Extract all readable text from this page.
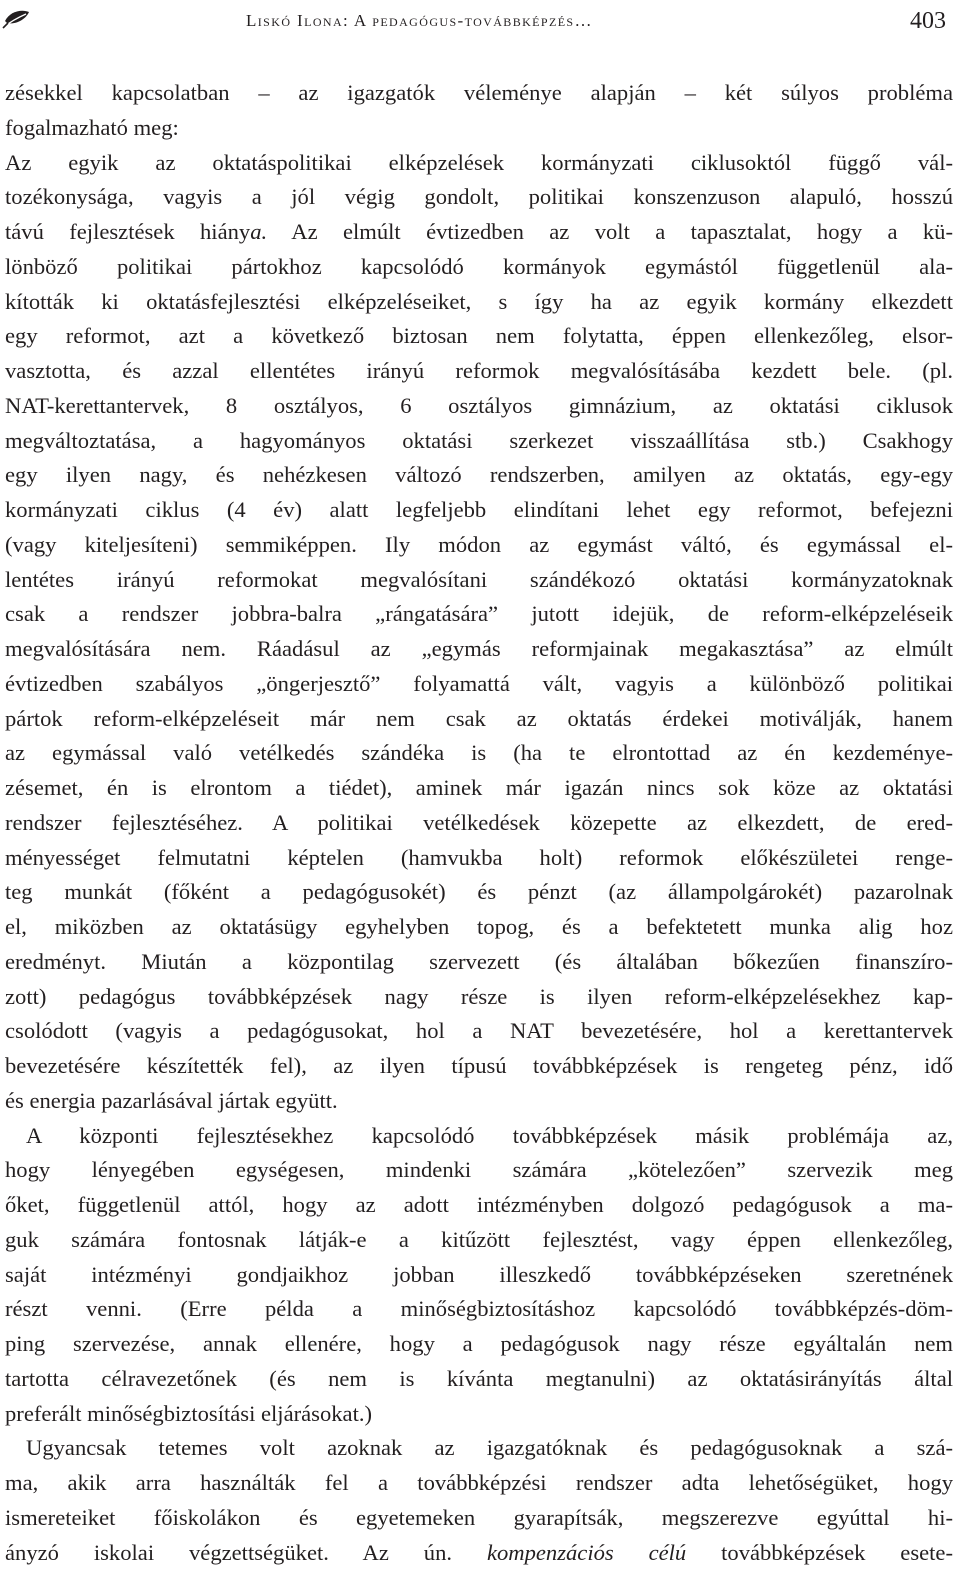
Liskó Ilona: A pedagógus-továbbképzés…	403
zésekkel kapcsolatban – az igazgatók véleménye alapján – két súlyos probléma
fogalmazható meg:
Az egyik az oktatáspolitikai elképzelések kormányzati ciklusoktól függő vál-
tozékonysága, vagyis a jól végig gondolt, politikai konszenzuson alapuló, hosszú
távú fejlesztések hiánya. Az elmúlt évtizedben az volt a tapasztalat, hogy a kü-
lönböző politikai pártokhoz kapcsolódó kormányok egymástól függetlenül ala-
kították ki oktatásfejlesztési elképzeléseiket, s így ha az egyik kormány elkezdett
egy reformot, azt a következő biztosan nem folytatta, éppen ellenkezőleg, elsor-
vasztotta, és azzal ellentétes irányú reformok megvalósításába kezdett bele. (pl.
NAT-kerettantervek, 8 osztályos, 6 osztályos gimnázium, az oktatási ciklusok
megváltoztatása, a hagyományos oktatási szerkezet visszaállítása stb.) Csakhogy
egy ilyen nagy, és nehézkesen változó rendszerben, amilyen az oktatás, egy-egy
kormányzati ciklus (4 év) alatt legfeljebb elindítani lehet egy reformot, befejezni
(vagy kiteljesíteni) semmiképpen. Ily módon az egymást váltó, és egymással el-
lentétes irányú reformokat megvalósítani szándékozó oktatási kormányzatoknak
csak a rendszer jobbra-balra „rángatására” jutott idejük, de reform-elképzeléseik
megvalósítására nem. Ráadásul az „egymás reformjainak megakasztása” az elmúlt
évtizedben szabályos „öngerjesztő” folyamattá vált, vagyis a különböző politikai
pártok reform-elképzeléseit már nem csak az oktatás érdekei motiválják, hanem
az egymással való vetélkedés szándéka is (ha te elrontottad az én kezdeménye-
zésemet, én is elrontom a tiédet), aminek már igazán nincs sok köze az oktatási
rendszer fejlesztéséhez. A politikai vetélkedések közepette az elkezdett, de ered-
ményességet felmutatni képtelen (hamvukba holt) reformok előkészületei renge-
teg munkát (főként a pedagógusokét) és pénzt (az állampolgárokét) pazarolnak
el, miközben az oktatásügy egyhelyben topog, és a befektetett munka alig hoz
eredményt. Miután a központilag szervezett (és általában bőkezűen finanszíro-
zott) pedagógus továbbképzések nagy része is ilyen reform-elképzelésekhez kap-
csolódott (vagyis a pedagógusokat, hol a NAT bevezetésére, hol a kerettantervek
bevezetésére készítették fel), az ilyen típusú továbbképzések is rengeteg pénz, idő
és energia pazarlásával jártak együtt.
A központi fejlesztésekhez kapcsolódó továbbképzések másik problémája az,
hogy lényegében egységesen, mindenki számára „kötelezően” szervezik meg
őket, függetlenül attól, hogy az adott intézményben dolgozó pedagógusok a ma-
guk számára fontosnak látják-e a kitűzött fejlesztést, vagy éppen ellenkezőleg,
saját intézményi gondjaikhoz jobban illeszkedő továbbképzéseken szeretnének
részt venni. (Erre példa a minőségbiztosításhoz kapcsolódó továbbképzés-döm-
ping szervezése, annak ellenére, hogy a pedagógusok nagy része egyáltalán nem
tartotta célravezetőnek (és nem is kívánta megtanulni) az oktatásirányítás által
preferált minőségbiztosítási eljárásokat.)
Ugyancsak tetemes volt azoknak az igazgatóknak és pedagógusoknak a szá-
ma, akik arra használták fel a továbbképzési rendszer adta lehetőségüket, hogy
ismereteiket főiskolákon és egyetemeken gyarapítsák, megszerezve egyúttal hi-
ányzó iskolai végzettségüket. Az ún. kompenzációs célú továbbképzések esete-
